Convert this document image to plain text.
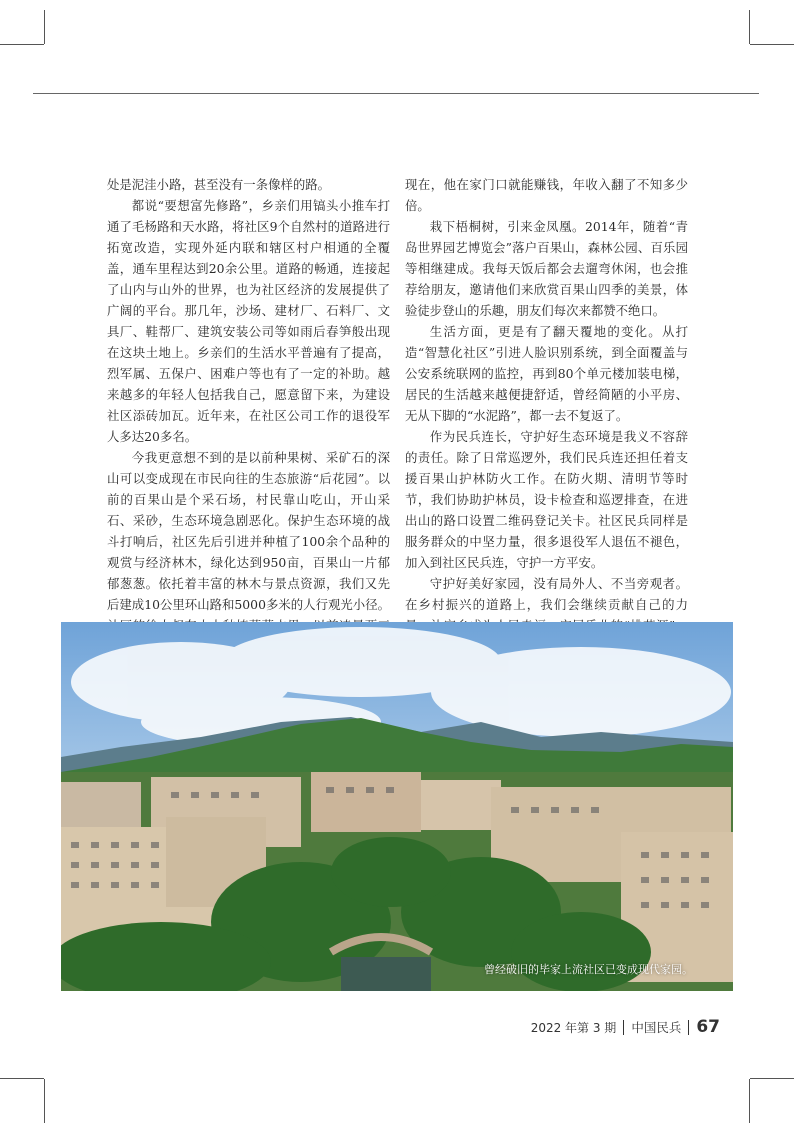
处是泥洼小路，甚至没有一条像样的路。

都说“要想富先修路”，乡亲们用镐头小推车打通了毛杨路和天水路，将社区9个自然村的道路进行拓宽改造，实现外延内联和辖区村户相通的全覆盖，通车里程达到20余公里。道路的畅通，连接起了山内与山外的世界，也为社区经济的发展提供了广阔的平台。那几年，沙场、建材厂、石料厂、文具厂、鞋帮厂、建筑安装公司等如雨后春笋般出现在这块土地上。乡亲们的生活水平普遍有了提高，烈军属、五保户、困难户等也有了一定的补助。越来越多的年轻人包括我自己，愿意留下来，为建设社区添砖加瓦。近年来，在社区公司工作的退役军人多达20多名。

今我更意想不到的是以前种果树、采矿石的深山可以变成现在市民向往的生态旅游“后花园”。以前的百果山是个采石场，村民靠山吃山，开山采石、采砂，生态环境急剧恶化。保护生态环境的战斗打响后，社区先后引进并种植了100余个品种的观赏与经济林木，绿化达到950亩，百果山一片郁郁葱葱。依托着丰富的林木与景点资源，我们又先后建成10公里环山路和5000多米的人行观光小径。

现在，他在家门口就能赚钱，年收入翻了不知多少倍。

栽下梧桐树，引来金凤凰。2014年，随着“青岛世界园艺博览会”落户百果山，森林公园、百乐园等相继建成。我每天饭后都会去遛弯休闲，也会推荐给朋友，邀请他们来欣赏百果山四季的美景，体验徒步登山的乐趣，朋友们每次来都赞不绝口。

生活方面，更是有了翻天覆地的变化。从打造“智慧化社区”引进人脸识别系统，到全面覆盖与公安系统联网的监控，再到80个单元楼加装电梯，居民的生活越来越便捷舒适，曾经简陋的小平房、无从下脚的“水泥路”，都一去不复返了。

作为民兵连长，守护好生态环境是我义不容辞的责任。除了日常巡逻外，我们民兵连还担任着支援百果山护林防火工作。在防火期、清明节等时节，我们协助护林员，设卡检查和巡逻排查，在进出山的路口设置二维码登记关卡。社区民兵同样是服务群众的中坚力量，很多退役军人退伍不褪色，加入到社区民兵连，守护一方平安。

守护好美好家园，没有局外人、不当旁观者。在乡村振兴的道路上，我们会继续贡献自己的力

曾经破旧的毕家上流社区已变成现代家园。
2022 年第 3 期 中国民兵 67
